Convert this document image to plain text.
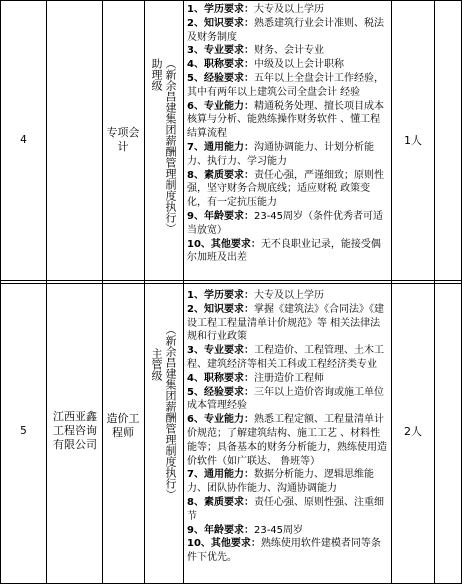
4
专项会计
助理级 （新余昌建集团薪酬管理制度执行）	1人

1、学历要求：大专及以上学历

2、知识要求：熟悉建筑行业会计准则、税法及财务制度

3、专业要求：财务、会计专业

4、职称要求：中级及以上会计职称

5、经验要求：五年以上全盘会计工作经验，其中有两年以上建筑公司全盘会计 经验

6、专业能力：精通税务处理、擅长项目成本核算与分析、能熟练操作财务软件 、懂工程结算流程

7、通用能力：沟通协调能力、计划分析能力、执行力、学习能力

8、素质要求：责任心强，严谨细致；原则性强，坚守财务合规底线；适应财税 政策变化，有一定抗压能力

9、年龄要求：23-45周岁（条件优秀者可适当放宽）

10、其他要求：无不良职业记录，能接受偶尔加班及出差

5
江西亚鑫工程咨询有限公司
造价工程师
主管级 （新余昌建集团薪酬管理制度执行）	2人

1、学历要求：大专及以上学历

2、知识要求：掌握《建筑法》《合同法》《建设工程工程量清单计价规范》等 相关法律法规和行业政策

3、专业要求：工程造价、工程管理、土木工程、建筑经济等相关工科或工程经济类专业

4、职称要求：注册造价工程师

5、经验要求：三年以上造价咨询或施工单位成本管理经验

6、专业能力：熟悉工程定额、工程量清单计价规范；了解建筑结构、施工工艺 、材料性能等；具备基本的财务分析能力，熟练使用造价软件（如广联达、 鲁班等）

7、通用能力：数据分析能力、逻辑思维能力、团队协作能力、沟通协调能力

8、素质要求：责任心强、原则性强、注重细节

9、年龄要求：23-45周岁

10、其他要求：熟练使用软件建模者同等条件下优先。
